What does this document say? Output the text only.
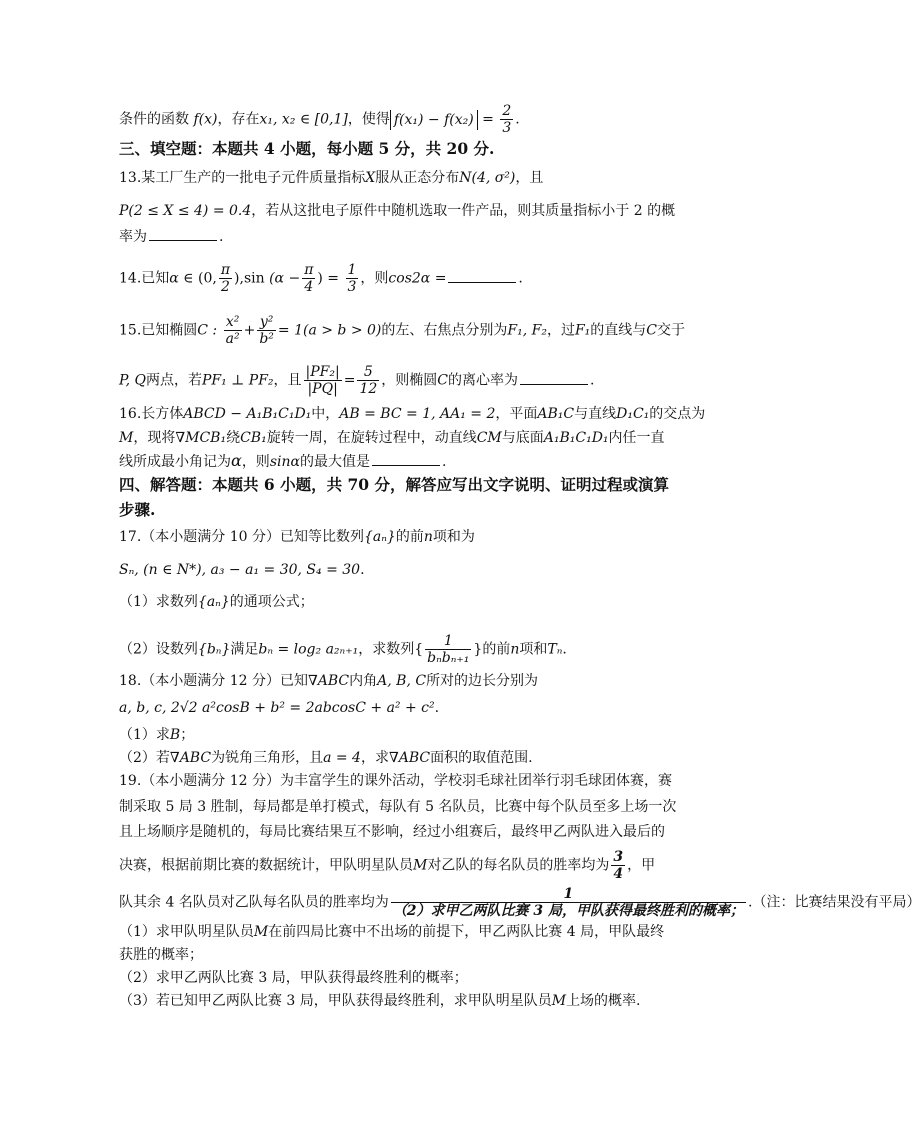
条件的函数 f(x)，存在x₁, x₂ ∈ [0,1]，使得 $f(x_1) - f(x_2) = \frac{2}{3}$ .
三、填空题：本题共 4 小题，每小题 5 分，共 20 分.
13.某工厂生产的一批电子元件质量指标X服从正态分布N(4, σ²)，且
P(2 ≤ X ≤ 4) = 0.4，若从这批电子原件中随机选取一件产品，则其质量指标小于 2 的概
率为	.
14.已知α ∈ (0, $\frac{\pi}{2} ),\sin$ ($\alpha - \frac{\pi}{4}$ ) = $\frac{1}{3}$ ，则cos2α =	.
15.已知椭圆C : $\frac{\text{x²}}{\text{a²}} + \frac{\text{y²}}{\text{b²}} = 1(a > b > 0)$的左、右焦点分别为F₁, F₂，过F₁的直线与C交于
P, Q两点，若PF₁ ⊥ PF₂，且 $\frac{\text{|PF₂|}}{|PQ|} = \frac{5}{12}$ ，则椭圆C的离心率为	.
16.长方体ABCD − A₁B₁C₁D₁中，AB = BC = 1, AA₁ = 2，平面AB₁C与直线D₁C₁的交点为
M，现将∇MCB₁绕CB₁旋转一周，在旋转过程中，动直线CM与底面A₁B₁C₁D₁内任一直
线所成最小角记为α，则sinα的最大值是	.
四、解答题：本题共 6 小题，共 70 分，解答应写出文字说明、证明过程或演算
步骤.
17.（本小题满分 10 分）已知等比数列{aₙ}的前n项和为
Sₙ, (n ∈ N*), a₃ − a₁ = 30, S₄ = 30.
（1）求数列{aₙ}的通项公式；
（2）设数列{bₙ}满足bₙ = log₂ a₂ₙ₊₁，求数列{ $\frac{1}{\text{bₙbₙ₊₁}}$ }的前n项和Tₙ.
18.（本小题满分 12 分）已知∇ABC内角A, B, C所对的边长分别为
a, b, c, 2√2 a²cosB + b² = 2abcosC + a² + c².
（1）求B；
（2）若∇ABC为锐角三角形，且a = 4，求∇ABC面积的取值范围.
19.（本小题满分 12 分）为丰富学生的课外活动，学校羽毛球社团举行羽毛球团体赛，赛
制采取 5 局 3 胜制，每局都是单打模式，每队有 5 名队员，比赛中每个队员至多上场一次
且上场顺序是随机的，每局比赛结果互不影响，经过小组赛后，最终甲乙两队进入最后的
决赛，根据前期比赛的数据统计，甲队明星队员M对乙队的每名队员的胜率均为 $\frac{3}{4}$ ，甲
队其余 4 名队员对乙队每名队员的胜率均为 $\frac{1}{\text{（2）求甲乙两队比赛 3 局，甲队获得最终胜利的概率；}}$ .（注：比赛结果没有平局）
（1）求甲队明星队员M在前四局比赛中不出场的前提下，甲乙两队比赛 4 局，甲队最终
获胜的概率；
（2）求甲乙两队比赛 3 局，甲队获得最终胜利的概率；
（3）若已知甲乙两队比赛 3 局，甲队获得最终胜利，求甲队明星队员M上场的概率.
